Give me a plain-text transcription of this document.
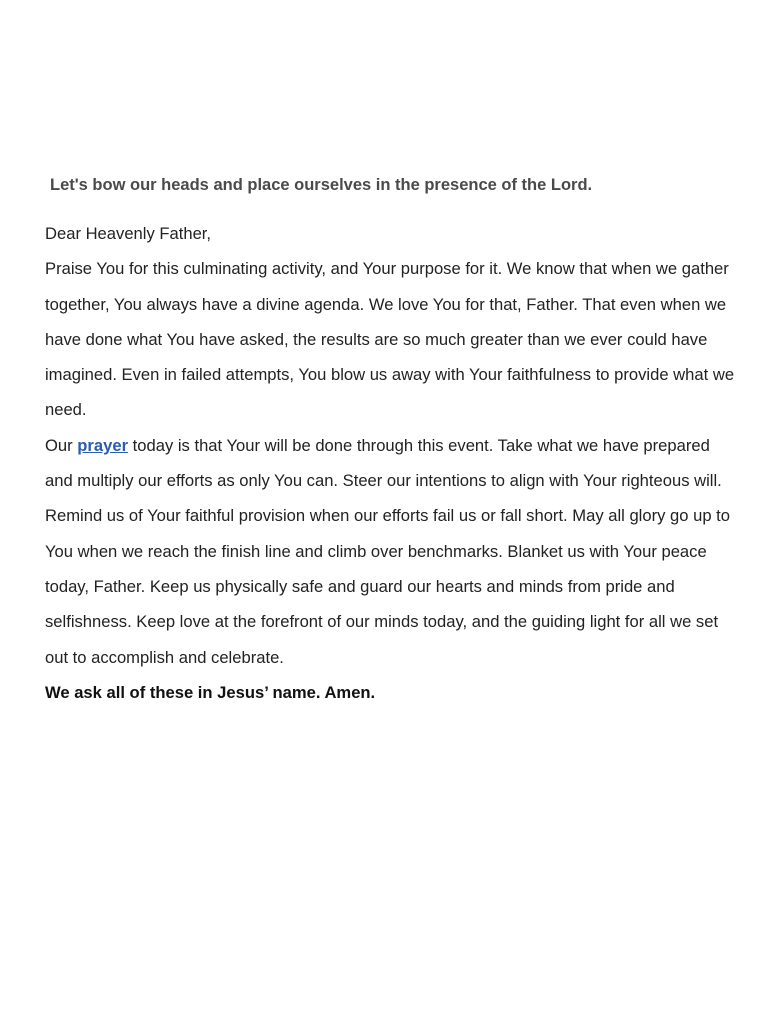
Let's bow our heads and place ourselves in the presence of the Lord.

Dear Heavenly Father,

Praise You for this culminating activity, and Your purpose for it. We know that when we gather together, You always have a divine agenda. We love You for that, Father. That even when we have done what You have asked, the results are so much greater than we ever could have imagined. Even in failed attempts, You blow us away with Your faithfulness to provide what we need.

Our prayer today is that Your will be done through this event. Take what we have prepared and multiply our efforts as only You can. Steer our intentions to align with Your righteous will. Remind us of Your faithful provision when our efforts fail us or fall short. May all glory go up to You when we reach the finish line and climb over benchmarks. Blanket us with Your peace today, Father. Keep us physically safe and guard our hearts and minds from pride and selfishness. Keep love at the forefront of our minds today, and the guiding light for all we set out to accomplish and celebrate.

We ask all of these in Jesus’ name. Amen.
